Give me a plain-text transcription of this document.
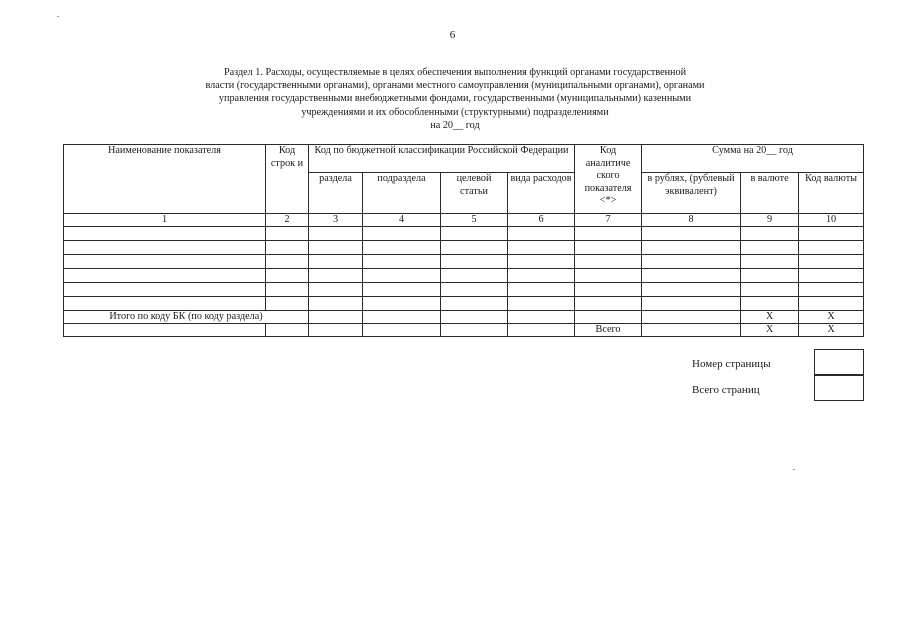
6
Раздел 1. Расходы, осуществляемые в целях обеспечения выполнения функций органами государственной
власти (государственными органами), органами местного самоуправления (муниципальными органами), органами
управления государственными внебюджетными фондами, государственными (муниципальными) казенными
учреждениями и их обособленными (структурными) подразделениями
на 20__ год
Наименование показателя	Код строк и	Код по бюджетной классификации Российской Федерации				Код аналитиче ского показателя <*>	Сумма на 20__ год		
		раздела	подраздела	целевой статьи	вида расходов		в рублях, (рублевый эквивалент)	в валюте	Код валюты
1	2	3	4	5	6	7	8	9	10

Итого по коду БК (по коду раздела)								Х	Х
						Всего		Х	Х
Номер страницы
Всего страниц
